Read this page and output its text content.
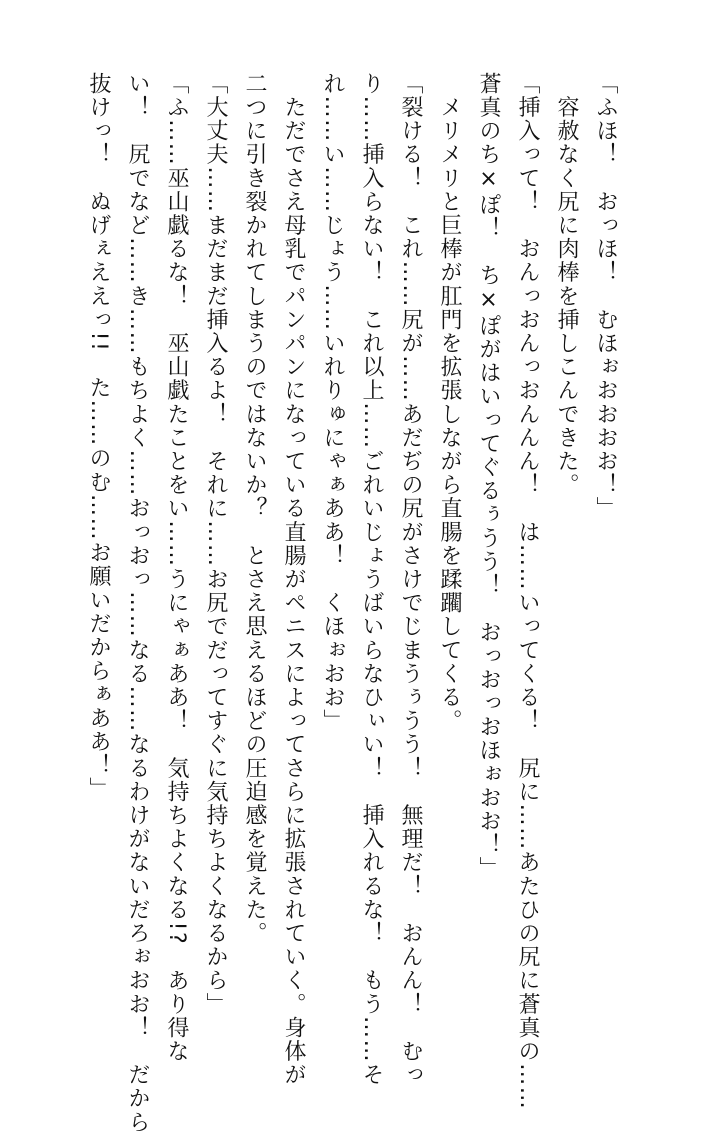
「ふほ！　おっほ！　むほぉおおおお！」
　容赦なく尻に肉棒を挿しこんできた。
「挿入って！　おんっおんっおんんん！　は……いってくる！　尻に……あたひの尻に蒼真の……
蒼真のち×ぽ！　ち×ぽがはいってぐるぅうう！　おっおっおほぉおお！」
　メリメリと巨棒が肛門を拡張しながら直腸を蹂躙してくる。
「裂ける！　これ……尻が……あだぢの尻がさけでじまうぅうう！　無理だ！　おんん！　むっ
り……挿入らない！　これ以上……ごれいじょうばいらなひぃい！　挿入れるな！　もう……そ
れ……い……じょう……いれりゅにゃぁああ！　くほぉおお」
　ただでさえ母乳でパンパンになっている直腸がペニスによってさらに拡張されていく。身体が
二つに引き裂かれてしまうのではないか？　とさえ思えるほどの圧迫感を覚えた。
「大丈夫……まだまだ挿入るよ！　それに……お尻でだってすぐに気持ちよくなるから」
「ふ……巫山戯るな！　巫山戯たことをい……うにゃぁああ！　気持ちよくなる!?　あり得な
い！　尻でなど……き……もちよく……おっおっ……なる……なるわけがないだろぉおお！　だから
抜けっ！　ぬげぇええっ!!　た……のむ……お願いだからぁああ！」
